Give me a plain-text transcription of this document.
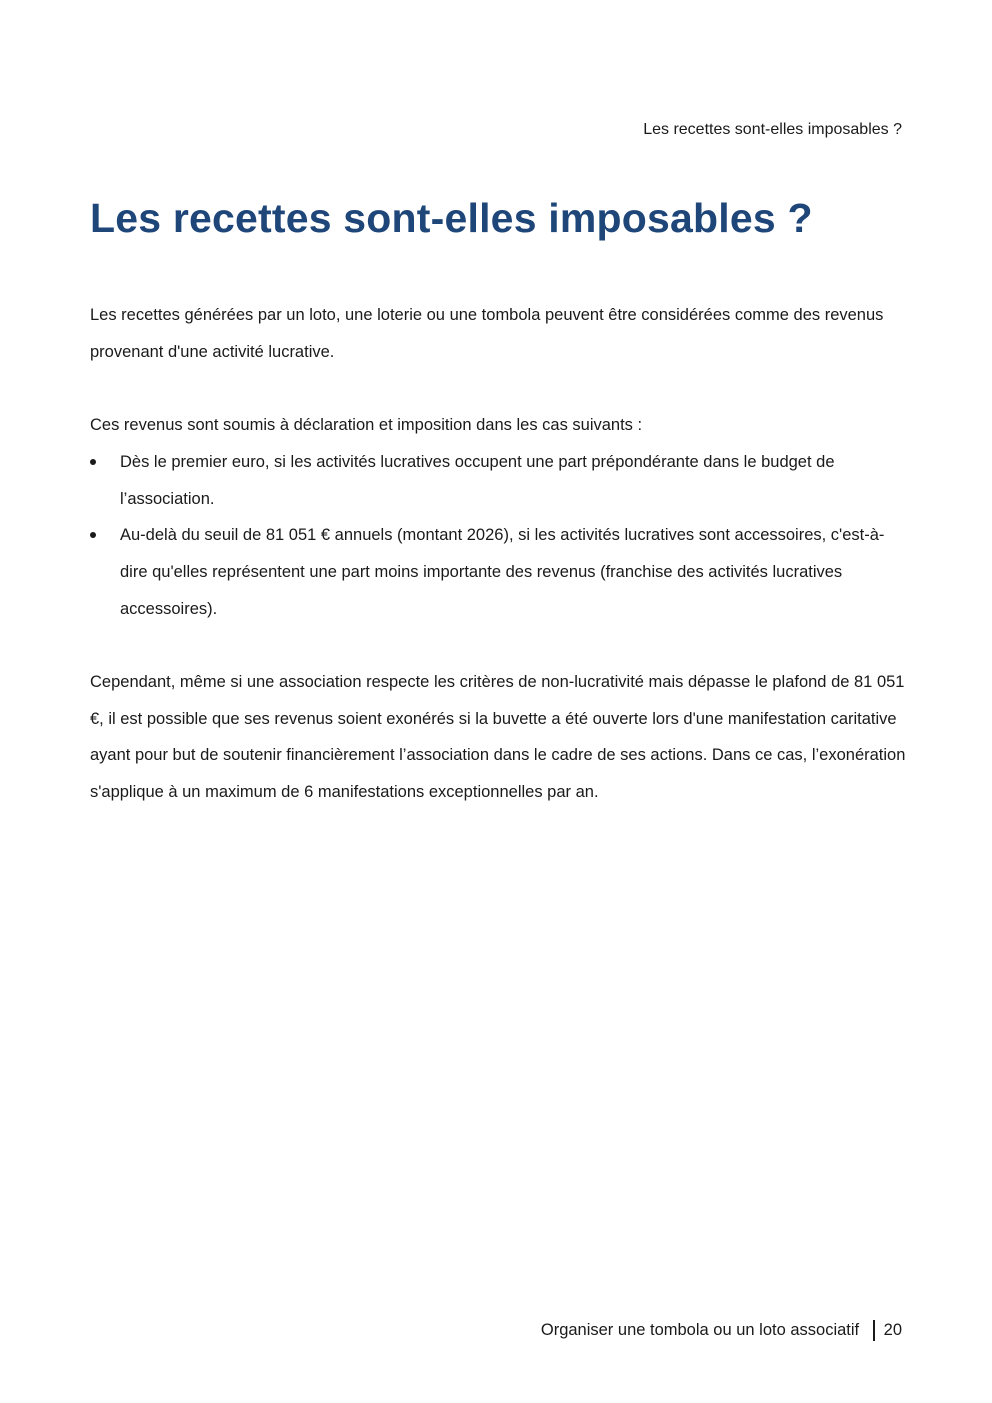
Les recettes sont-elles imposables ?
Les recettes sont-elles imposables ?

Les recettes générées par un loto, une loterie ou une tombola peuvent être considérées comme des revenus provenant d'une activité lucrative.

Ces revenus sont soumis à déclaration et imposition dans les cas suivants :

Dès le premier euro, si les activités lucratives occupent une part prépondérante dans le budget de l’association.
Au-delà du seuil de 81 051 € annuels (montant 2026), si les activités lucratives sont accessoires, c'est-à-dire qu'elles représentent une part moins importante des revenus (franchise des activités lucratives accessoires).

Cependant, même si une association respecte les critères de non-lucrativité mais dépasse le plafond de 81 051 €, il est possible que ses revenus soient exonérés si la buvette a été ouverte lors d'une manifestation caritative ayant pour but de soutenir financièrement l’association dans le cadre de ses actions. Dans ce cas, l’exonération s'applique à un maximum de 6 manifestations exceptionnelles par an.

Organiser une tombola ou un loto associatif 20
